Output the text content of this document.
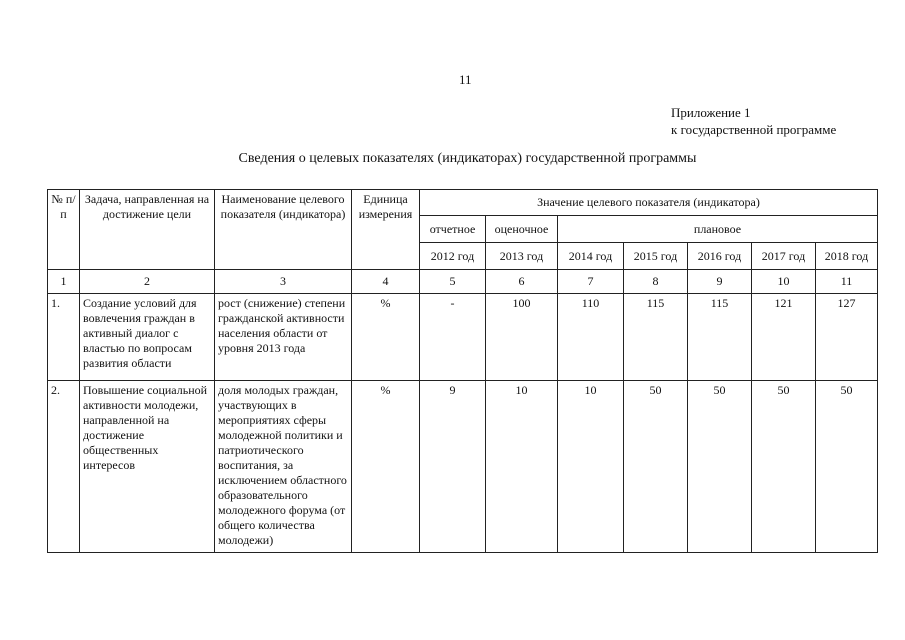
11
Приложение 1
к государственной программе
Сведения о целевых показателях (индикаторах) государственной программы
№ п/п	Задача, направленная на достижение цели	Наименование целевого показателя (индикатора)	Единица измерения	Значение целевого показателя (индикатора)						
				отчетное	оценочное	плановое				
				2012 год	2013 год	2014 год	2015 год	2016 год	2017 год	2018 год
1	2	3	4	5	6	7	8	9	10	11
1.	Создание условий для вовлечения граждан в активный диалог с властью по вопросам развития области	рост (снижение) степени гражданской активности населения области от уровня 2013 года	%	-	100	110	115	115	121	127
2.	Повышение социальной активности молодежи, направленной на достижение общественных интересов	доля молодых граждан, участвующих в мероприятиях сферы молодежной политики и патриотического воспитания, за исключением областного образовательного молодежного форума (от общего количества молодежи)	%	9	10	10	50	50	50	50
